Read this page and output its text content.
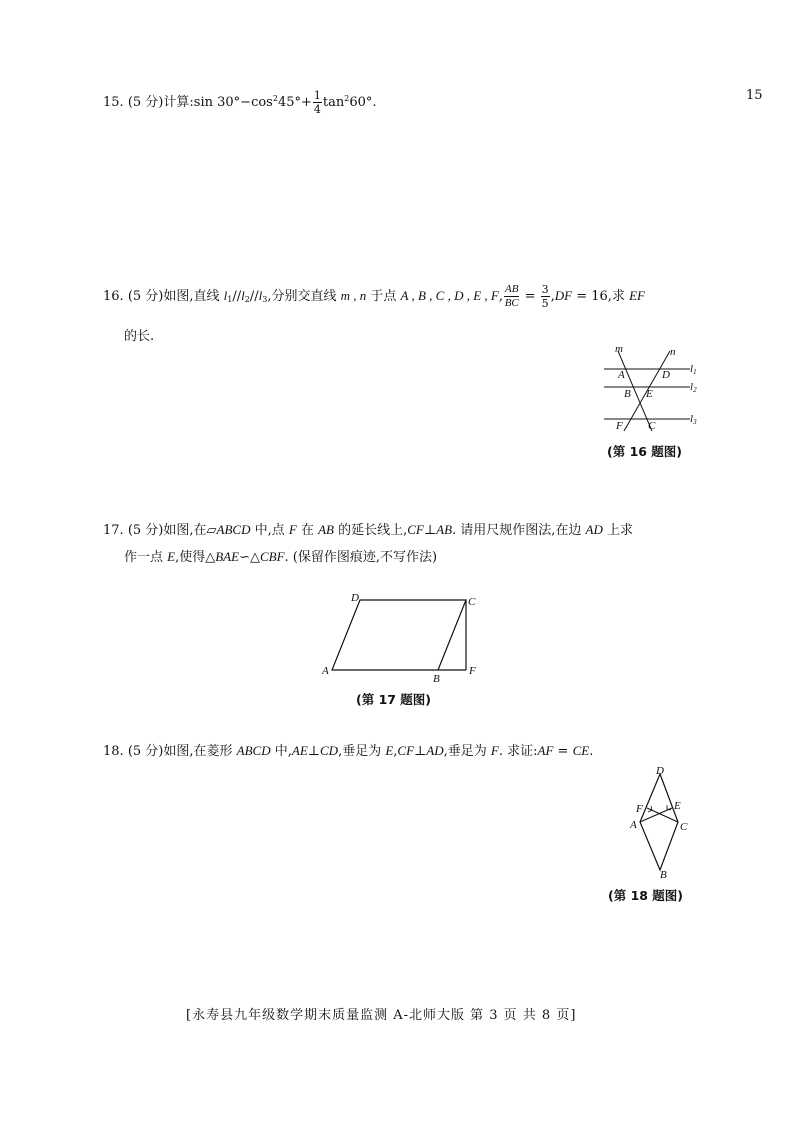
15
15. (5 分)计算:sin $30^\circ-\cos^245^\circ+ \frac{1}{4} \tan^260^\circ$.
16. (5 分)如图,直线 $l_1//l_2//l_3$,分别交直线 m , n 于点 A , B , C , D , E , F, $\frac{AB}{BC} = \frac{3}{5} ,DF = 16$,求 EF
的长.
m	n
A	D
B E
F C
l1
l2
l3
(第 16 题图)
17. (5 分)如图,在▱ABCD 中,点 F 在 AB 的延长线上,CF⊥AB. 请用尺规作图法,在边 AD 上求
作一点 E,使得△BAE∽△CBF. (保留作图痕迹,不写作法)
D	C
A
B
F
(第 17 题图)
18. (5 分)如图,在菱形 ABCD 中,AE⊥CD,垂足为 E,CF⊥AD,垂足为 F. 求证:AF = CE.
D
F	E
A	C
B
(第 18 题图)
[永寿县九年级数学期末质量监测 A-北师大版 第 3 页 共 8 页]
